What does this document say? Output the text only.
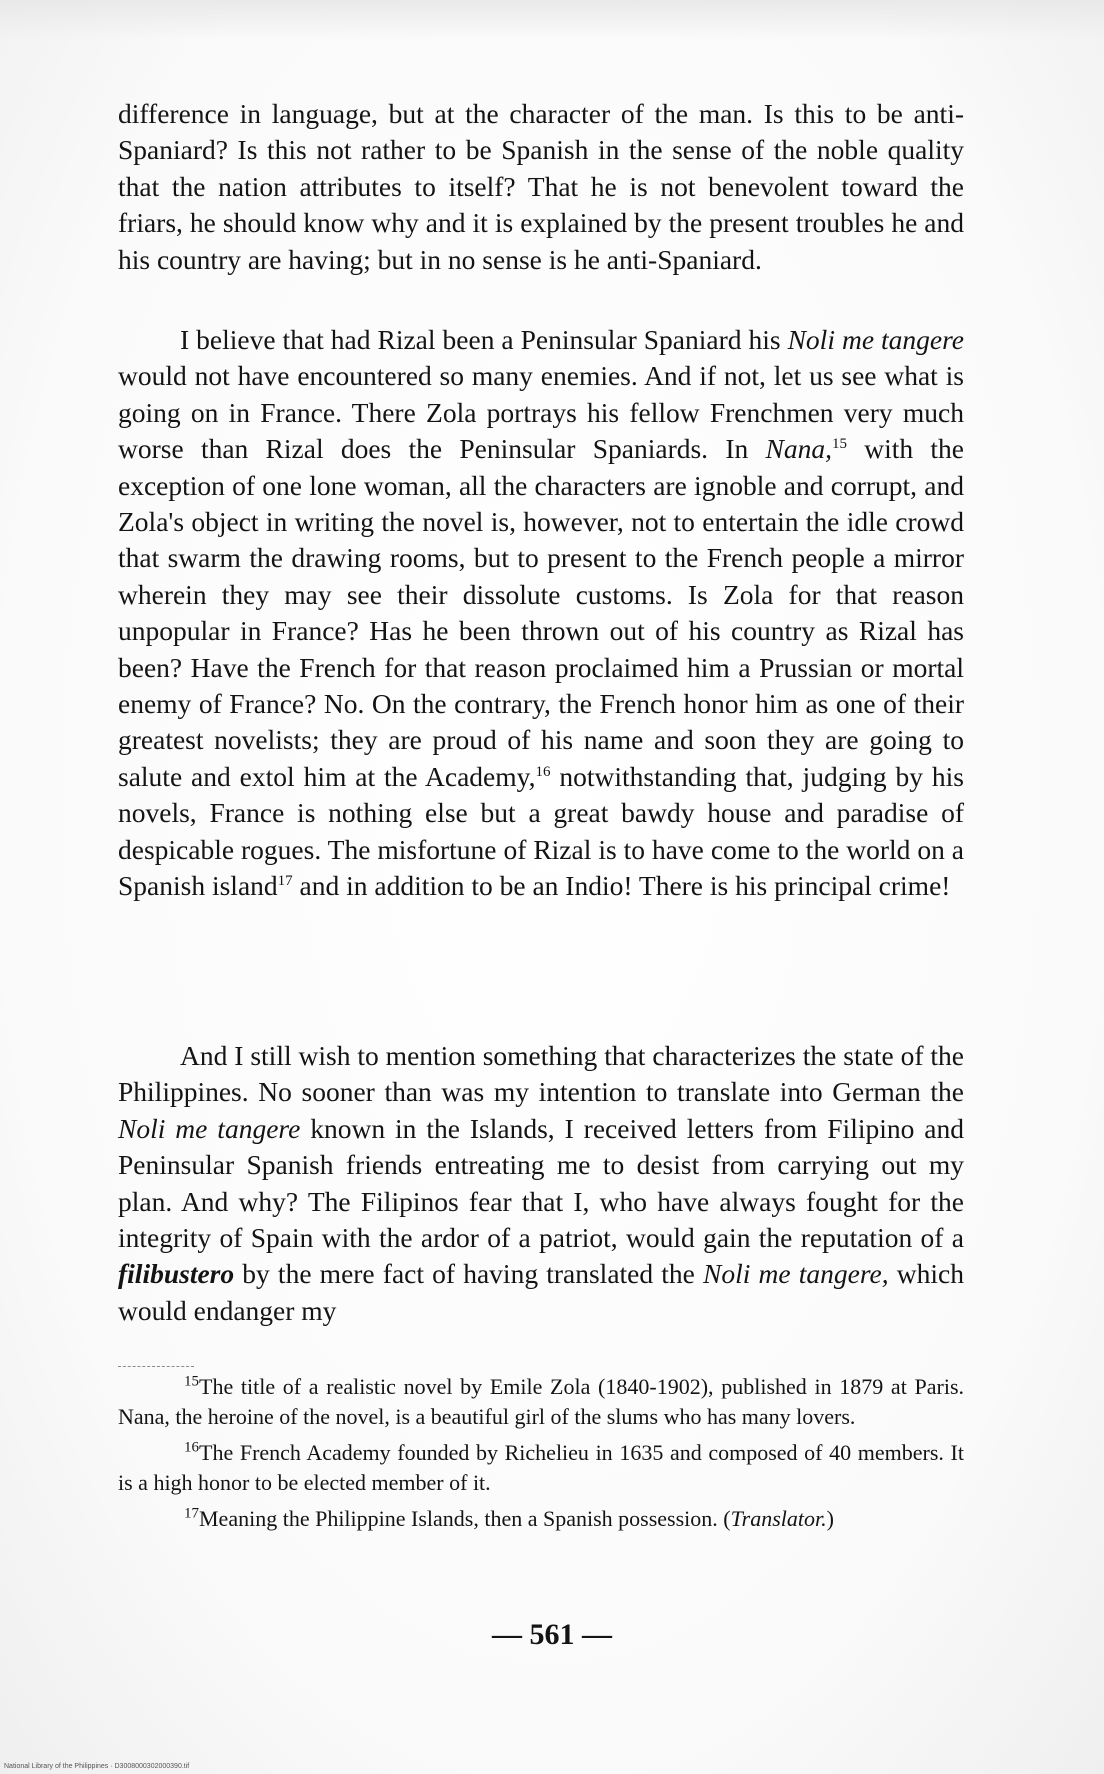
difference in language, but at the character of the man. Is this to be anti-Spaniard? Is this not rather to be Spanish in the sense of the noble quality that the nation attributes to itself? That he is not benevolent toward the friars, he should know why and it is explained by the present troubles he and his country are having; but in no sense is he anti-Spaniard.

I believe that had Rizal been a Peninsular Spaniard his Noli me tangere would not have encountered so many enemies. And if not, let us see what is going on in France. There Zola portrays his fellow Frenchmen very much worse than Rizal does the Peninsular Spaniards. In Nana,$^{15}$ with the exception of one lone woman, all the characters are ignoble and corrupt, and Zola's object in writing the novel is, however, not to entertain the idle crowd that swarm the drawing rooms, but to present to the French people a mirror wherein they may see their dissolute customs. Is Zola for that reason unpopular in France? Has he been thrown out of his country as Rizal has been? Have the French for that reason proclaimed him a Prussian or mortal enemy of France? No. On the contrary, the French honor him as one of their greatest novelists; they are proud of his name and soon they are going to salute and extol him at the Academy,$^{16}$ notwithstanding that, judging by his novels, France is nothing else but a great bawdy house and paradise of despicable rogues. The misfortune of Rizal is to have come to the world on a Spanish island$^{17}$ and in addition to be an Indio! There is his principal crime!

And I still wish to mention something that characterizes the state of the Philippines. No sooner than was my intention to translate into German the Noli me tangere known in the Islands, I received letters from Filipino and Peninsular Spanish friends entreating me to desist from carrying out my plan. And why? The Filipinos fear that I, who have always fought for the integrity of Spain with the ardor of a patriot, would gain the reputation of a filibustero by the mere fact of having translated the Noli me tangere, which would endanger my

$^{15}$The title of a realistic novel by Emile Zola (1840-1902), published in 1879 at Paris. Nana, the heroine of the novel, is a beautiful girl of the slums who has many lovers.

$^{16}$The French Academy founded by Richelieu in 1635 and composed of 40 members. It is a high honor to be elected member of it.

$^{17}$Meaning the Philippine Islands, then a Spanish possession. (Translator.)

— 561 —
National Library of the Philippines · D3008000302000390.tif
